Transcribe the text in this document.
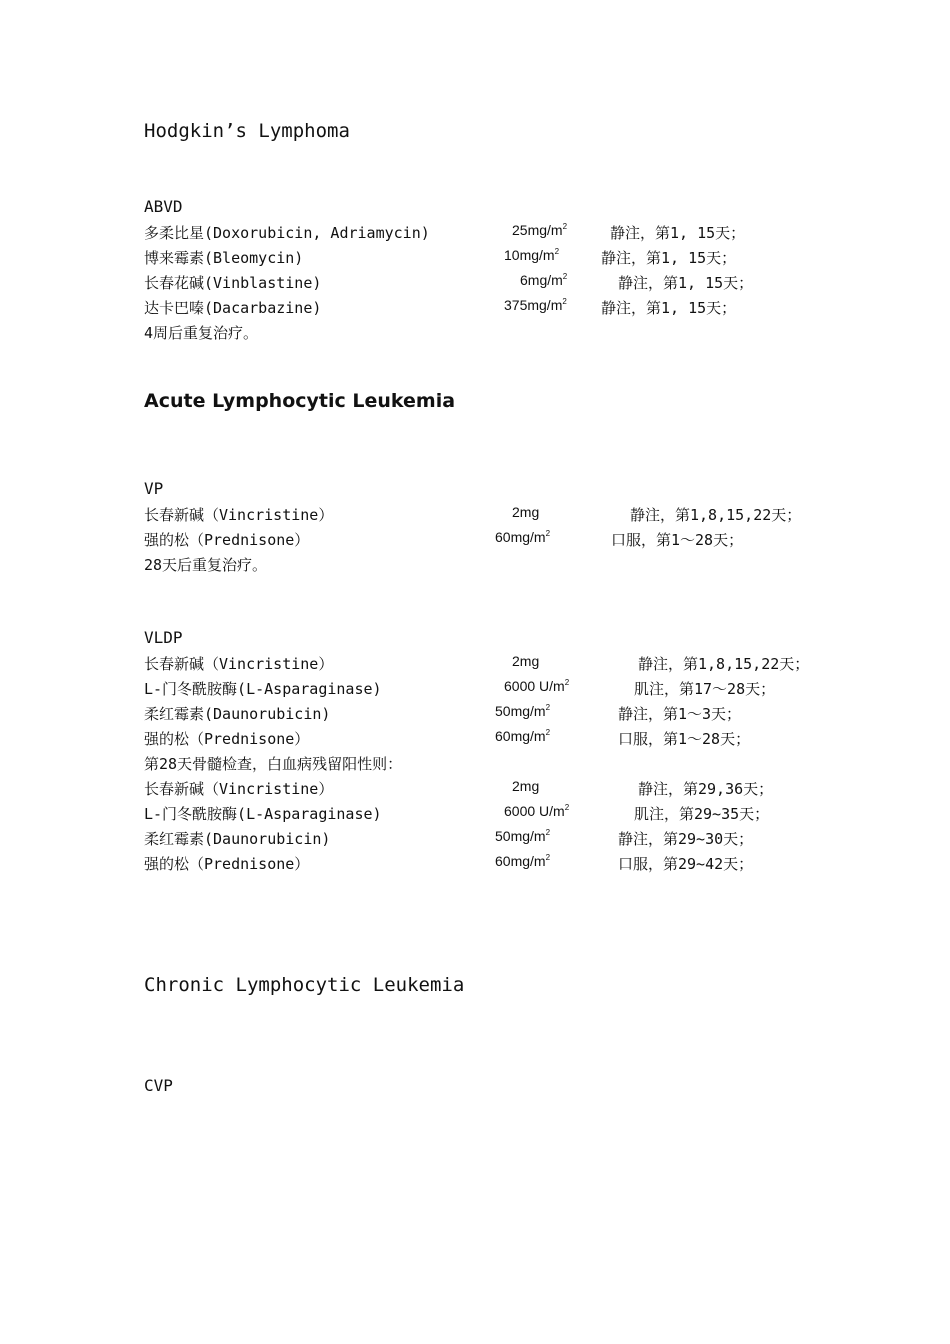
Hodgkin’s Lymphoma
ABVD
多柔比星(Doxorubicin, Adriamycin)	$25mg/m^2$	静注，第1, 15天；
博来霉素(Bleomycin)	$10mg/m^2$	静注，第1, 15天；
长春花碱(Vinblastine)	$6mg/m^2$	静注，第1, 15天；
达卡巴嗪(Dacarbazine)	$375mg/m^2$ 静注，第1, 15天；
4周后重复治疗。
Acute Lymphocytic Leukemia
VP
长春新碱（Vincristine）	2mg	静注，第1,8,15,22天；
强的松（Prednisone）	$60mg/m^2$	口服，第1～28天；
28天后重复治疗。
VLDP
长春新碱（Vincristine）	2mg	静注，第1,8,15,22天；
L-门冬酰胺酶(L-Asparaginase)	6000 $U/m^2$	肌注，第17～28天；
柔红霉素(Daunorubicin)	$50mg/m^2$	静注，第1～3天；
强的松（Prednisone）	$60mg/m^2$	口服，第1～28天；
第28天骨髓检查，白血病残留阳性则：
长春新碱（Vincristine）	2mg	静注，第29,36天；
L-门冬酰胺酶(L-Asparaginase)	6000 $U/m^2$	肌注，第29~35天；
柔红霉素(Daunorubicin)	$50mg/m^2$	静注，第29~30天；
强的松（Prednisone）	$60mg/m^2$	口服，第29~42天；
Chronic Lymphocytic Leukemia
CVP
